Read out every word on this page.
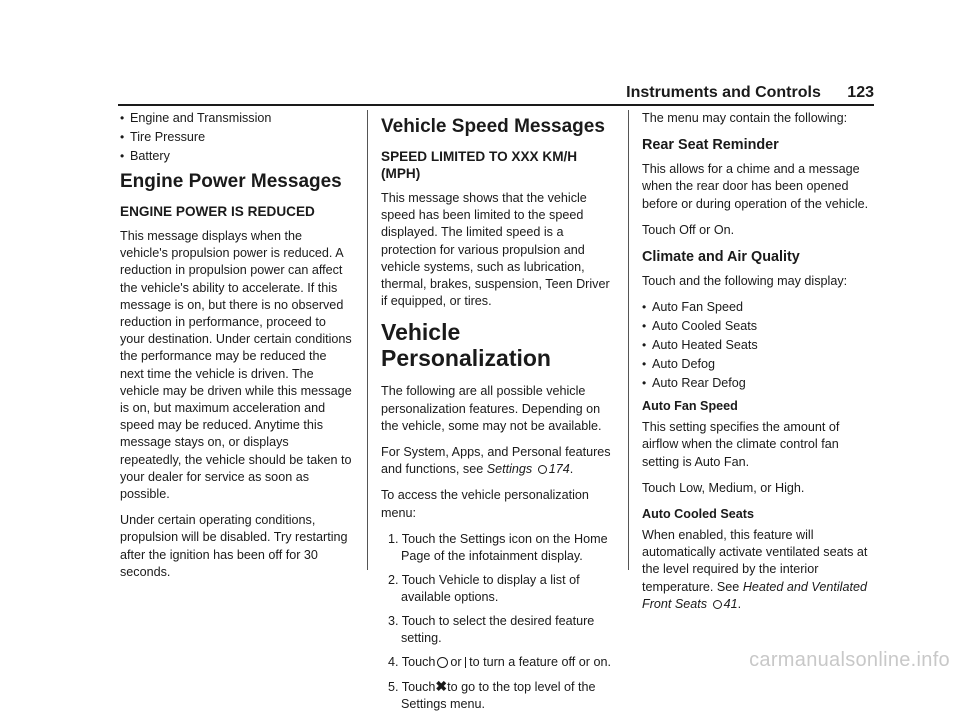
Instruments and Controls 123
• Engine and Transmission
• Tire Pressure
• Battery
Engine Power Messages
ENGINE POWER IS REDUCED

This message displays when the vehicle's propulsion power is reduced. A reduction in propulsion power can affect the vehicle's ability to accelerate. If this message is on, but there is no observed reduction in performance, proceed to your destination. Under certain conditions the performance may be reduced the next time the vehicle is driven. The vehicle may be driven while this message is on, but maximum acceleration and speed may be reduced. Anytime this message stays on, or displays repeatedly, the vehicle should be taken to your dealer for service as soon as possible.

Under certain operating conditions, propulsion will be disabled. Try restarting after the ignition has been off for 30 seconds.

Vehicle Speed Messages
SPEED LIMITED TO XXX KM/H (MPH)

This message shows that the vehicle speed has been limited to the speed displayed. The limited speed is a protection for various propulsion and vehicle systems, such as lubrication, thermal, brakes, suspension, Teen Driver if equipped, or tires.

Vehicle Personalization

The following are all possible vehicle personalization features. Depending on the vehicle, some may not be available.

For System, Apps, and Personal features and functions, see Settings 174.

To access the vehicle personalization menu:

1. Touch the Settings icon on the Home Page of the infotainment display.
2. Touch Vehicle to display a list of available options.
3. Touch to select the desired feature setting.
4. Touch or to turn a feature off or on.
5. Touch✖to go to the top level of the Settings menu.

The menu may contain the following:

Rear Seat Reminder

This allows for a chime and a message when the rear door has been opened before or during operation of the vehicle.

Touch Off or On.

Climate and Air Quality

Touch and the following may display:

• Auto Fan Speed
• Auto Cooled Seats
• Auto Heated Seats
• Auto Defog
• Auto Rear Defog
Auto Fan Speed

This setting specifies the amount of airflow when the climate control fan setting is Auto Fan.

Touch Low, Medium, or High.

Auto Cooled Seats

When enabled, this feature will automatically activate ventilated seats at the level required by the interior temperature. See Heated and Ventilated Front Seats 41.

carmanualsonline.info
